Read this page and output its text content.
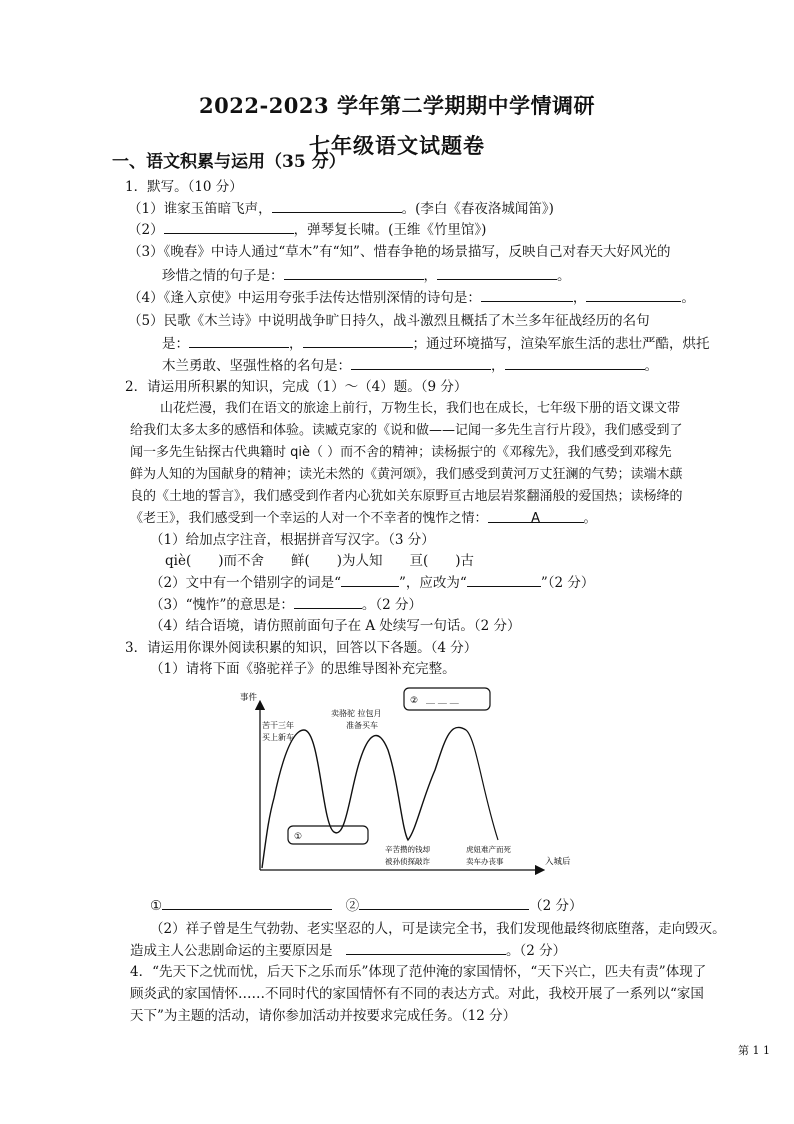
2022-2023 学年第二学期期中学情调研
七年级语文试题卷
一、语文积累与运用（35 分）
1．默写。（10 分）
（1）谁家玉笛暗飞声，	。(李白《春夜洛城闻笛》)
（2）	，弹琴复长啸。(王维《竹里馆》)
（3）《晚春》中诗人通过“草木”有“知”、惜春争艳的场景描写，反映自己对春天大好风光的
珍惜之情的句子是：	，	。
（4）《逢入京使》中运用夸张手法传达惜别深情的诗句是：	，	。
（5）民歌《木兰诗》中说明战争旷日持久，战斗激烈且概括了木兰多年征战经历的名句
是：	，	；通过环境描写，渲染军旅生活的悲壮严酷，烘托
木兰勇敢、坚强性格的名句是：	，	。
2．请运用所积累的知识，完成（1）～（4）题。（9 分）
山花烂漫，我们在语文的旅途上前行，万物生长，我们也在成长，七年级下册的语文课文带
给我们太多太多的感悟和体验。读臧克家的《说和做——记闻一多先生言行片段》，我们感受到了
闻一多先生钻探古代典籍时 qiè（ ）而不舍的精神；读杨振宁的《邓稼先》，我们感受到邓稼先
鲜为人知的为国献身的精神；读光未然的《黄河颂》，我们感受到黄河万丈狂澜的气势；读端木蕻
良的《土地的誓言》，我们感受到作者内心犹如关东原野亘古地层岩浆翻涌般的爱国热；读杨绛的
《老王》，我们感受到一个幸运的人对一个不幸者的愧怍之情：	A	。
（1）给加点字注音，根据拼音写汉字。（3 分）
qiè(　　)而不舍　　鲜(　　)为人知　　亘(　　)古
（2）文中有一个错别字的词是“	”，应改为“	”（2 分）
（3）“愧怍”的意思是：	。（2 分）
（4）结合语境，请仿照前面句子在 A 处续写一句话。（2 分）
3．请运用你课外阅读积累的知识，回答以下各题。（4 分）
（1）请将下面《骆驼祥子》的思维导图补充完整。
事件
入城后
苦干三年
买上新车
卖骆驼 拉包月
准备买车
①
② ＿ ＿ ＿
辛苦攒的钱却
被孙侦探敲诈
虎妞难产而死
卖车办丧事
①　	②	（2 分）
（2）祥子曾是生气勃勃、老实坚忍的人，可是读完全书，我们发现他最终彻底堕落，走向毁灭。
造成主人公悲剧命运的主要原因是　	。（2 分）
4．“先天下之忧而忧，后天下之乐而乐”体现了范仲淹的家国情怀，“天下兴亡，匹夫有责”体现了
顾炎武的家国情怀……不同时代的家国情怀有不同的表达方式。对此，我校开展了一系列以“家国
天下”为主题的活动，请你参加活动并按要求完成任务。（12 分）
第 1 1
